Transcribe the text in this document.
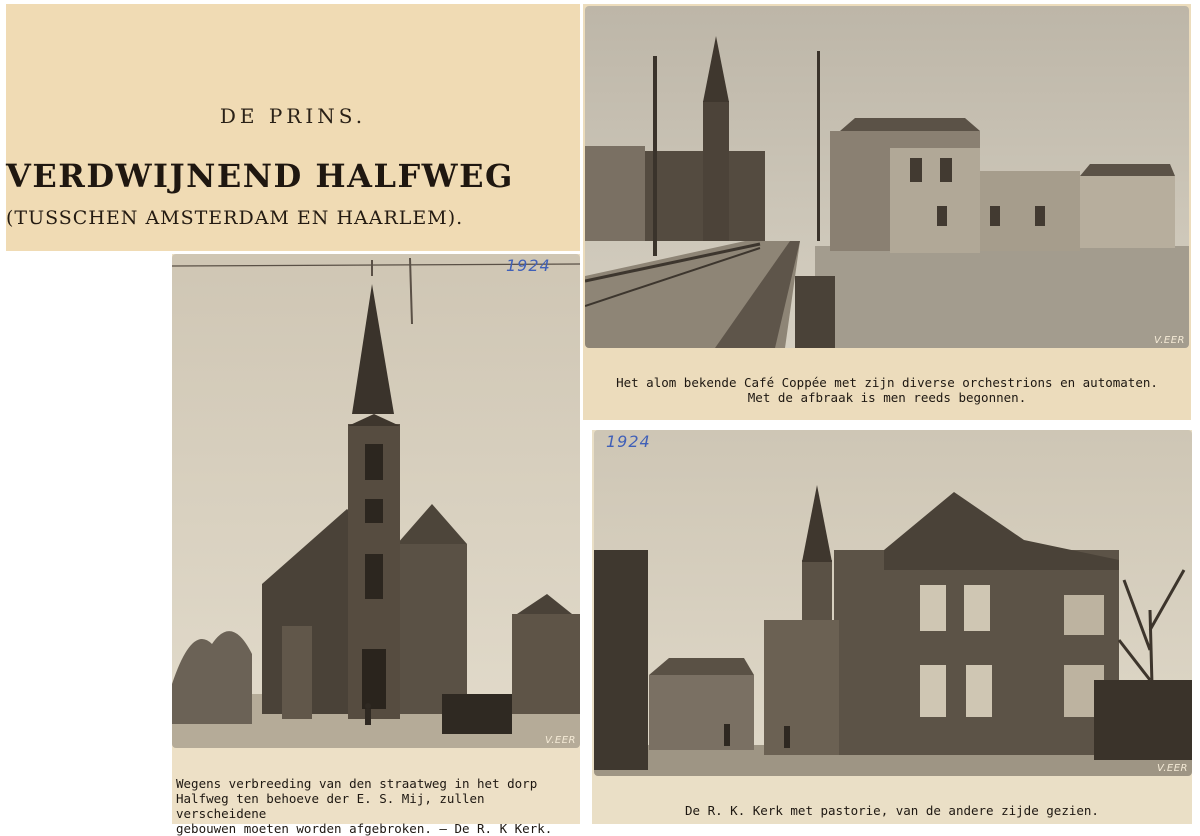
DE PRINS.
VERDWIJNEND HALFWEG
(TUSSCHEN AMSTERDAM EN HAARLEM).
V.EER
1924
Wegens verbreeding van den straatweg in het dorp
Halfweg ten behoeve der E. S. Mij, zullen verscheidene
gebouwen moeten worden afgebroken. — De R. K Kerk.
V.EER
Het alom bekende Café Coppée met zijn diverse orchestrions en automaten.
Met de afbraak is men reeds begonnen.
V.EER
1924
De R. K. Kerk met pastorie, van de andere zijde gezien.
